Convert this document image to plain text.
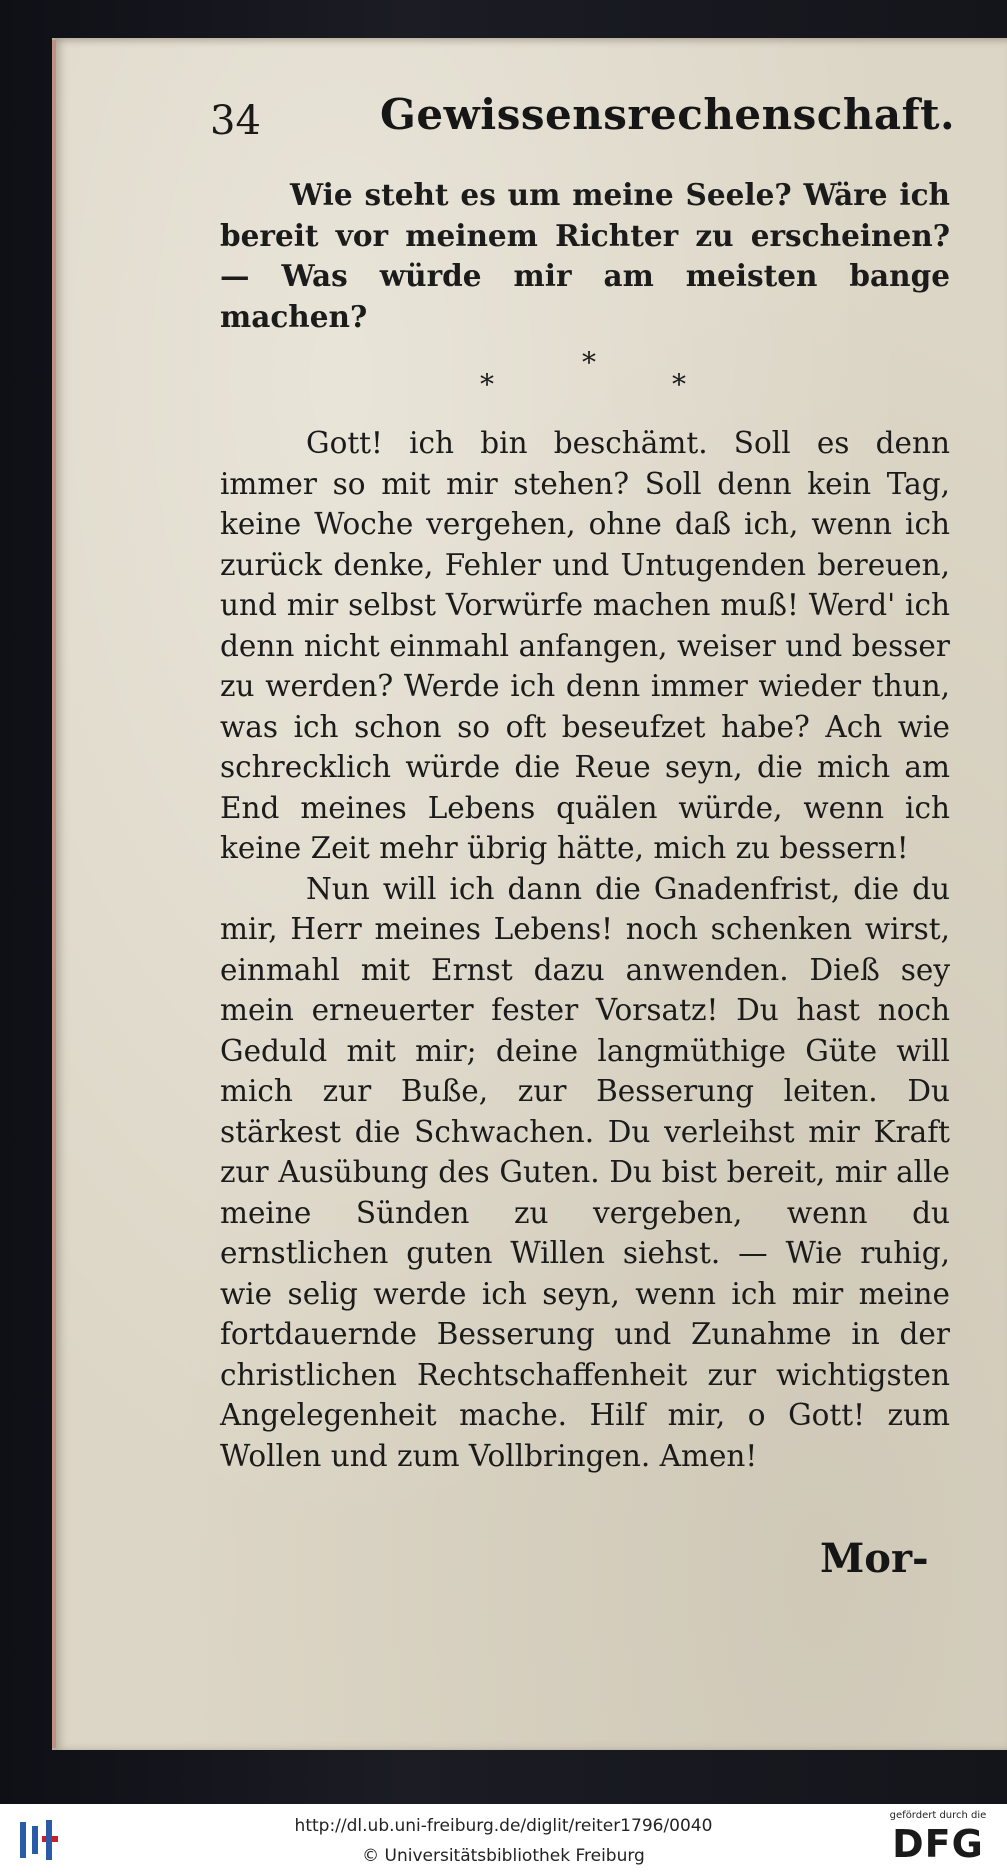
34	Gewissensrechenschaft.

Wie steht es um meine Seele? Wäre ich bereit vor meinem Richter zu erscheinen? — Was würde mir am meisten bange machen?

*
*	*

Gott! ich bin beschämt. Soll es denn immer so mit mir stehen? Soll denn kein Tag, keine Woche vergehen, ohne daß ich, wenn ich zurück denke, Fehler und Untugenden bereuen, und mir selbst Vorwürfe machen muß! Werd' ich denn nicht einmahl anfangen, weiser und besser zu werden? Werde ich denn immer wieder thun, was ich schon so oft beseufzet habe? Ach wie schrecklich würde die Reue seyn, die mich am End meines Lebens quälen würde, wenn ich keine Zeit mehr übrig hätte, mich zu bessern!

Nun will ich dann die Gnadenfrist, die du mir, Herr meines Lebens! noch schenken wirst, einmahl mit Ernst dazu anwenden. Dieß sey mein erneuerter fester Vorsatz! Du hast noch Geduld mit mir; deine langmüthige Güte will mich zur Buße, zur Besserung leiten. Du stärkest die Schwachen. Du verleihst mir Kraft zur Ausübung des Guten. Du bist bereit, mir alle meine Sünden zu vergeben, wenn du ernstlichen guten Willen siehst. — Wie ruhig, wie selig werde ich seyn, wenn ich mir meine fortdauernde Besserung und Zunahme in der christlichen Rechtschaffenheit zur wichtigsten Angelegenheit mache. Hilf mir, o Gott! zum Wollen und zum Vollbringen. Amen!

Mor-
http://dl.ub.uni-freiburg.de/diglit/reiter1796/0040
© Universitätsbibliothek Freiburg
gefördert durch die
DFG
